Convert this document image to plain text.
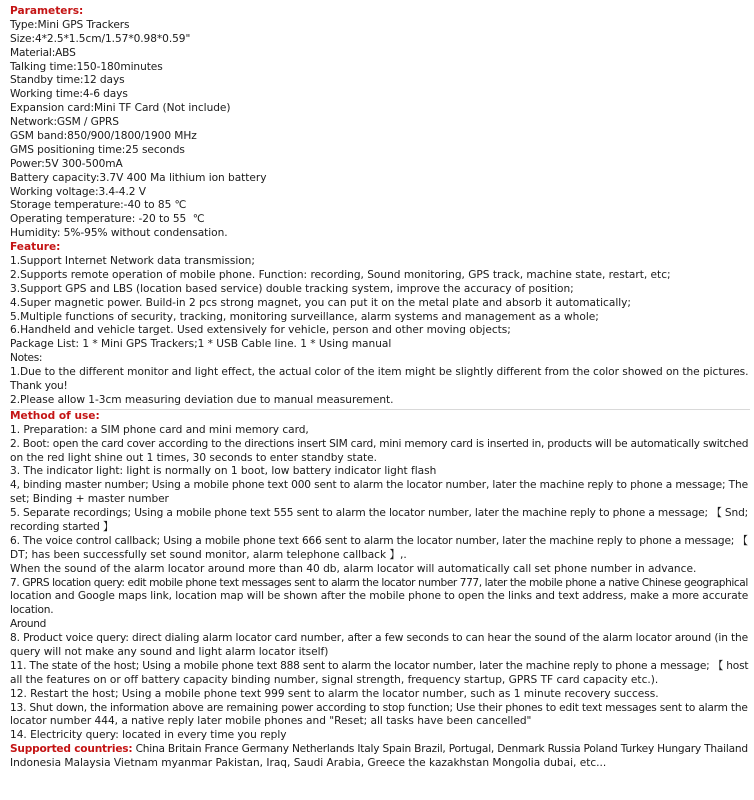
Parameters:
Type:Mini GPS Trackers
Size:4*2.5*1.5cm/1.57*0.98*0.59"
Material:ABS
Talking time:150-180minutes
Standby time:12 days
Working time:4-6 days
Expansion card:Mini TF Card (Not include)
Network:GSM / GPRS
GSM band:850/900/1800/1900 MHz
GMS positioning time:25 seconds
Power:5V 300-500mA
Battery capacity:3.7V 400 Ma lithium ion battery
Working voltage:3.4-4.2 V
Storage temperature:-40 to 85 ℃
Operating temperature: -20 to 55  ℃
Humidity: 5%-95% without condensation.
Feature:
1.Support Internet Network data transmission;
2.Supports remote operation of mobile phone. Function: recording, Sound monitoring, GPS track, machine state, restart, etc;
3.Support GPS and LBS (location based service) double tracking system, improve the accuracy of position;
4.Super magnetic power. Build-in 2 pcs strong magnet, you can put it on the metal plate and absorb it automatically;
5.Multiple functions of security, tracking, monitoring surveillance, alarm systems and management as a whole;
6.Handheld and vehicle target. Used extensively for vehicle, person and other moving objects;
Package List: 1 * Mini GPS Trackers;1 * USB Cable line. 1 * Using manual
Notes:
1.Due to the different monitor and light effect, the actual color of the item might be slightly different from the color showed on the pictures.
Thank you!
2.Please allow 1-3cm measuring deviation due to manual measurement.
Method of use:
1. Preparation: a SIM phone card and mini memory card,
2. Boot: open the card cover according to the directions insert SIM card, mini memory card is inserted in, products will be automatically switched
on the red light shine out 1 times, 30 seconds to enter standby state.
3. The indicator light: light is normally on 1 boot, low battery indicator light flash
4, binding master number; Using a mobile phone text 000 sent to alarm the locator number, later the machine reply to phone a message; The
set; Binding + master number
5. Separate recordings; Using a mobile phone text 555 sent to alarm the locator number, later the machine reply to phone a message; 【 Snd;
recording started 】
6. The voice control callback; Using a mobile phone text 666 sent to alarm the locator number, later the machine reply to phone a message; 【
DT; has been successfully set sound monitor, alarm telephone callback 】,.
When the sound of the alarm locator around more than 40 db, alarm locator will automatically call set phone number in advance.
7. GPRS location query: edit mobile phone text messages sent to alarm the locator number 777, later the mobile phone a native Chinese geographical
location and Google maps link, location map will be shown after the mobile phone to open the links and text address, make a more accurate
location.
Around
8. Product voice query: direct dialing alarm locator card number, after a few seconds to can hear the sound of the alarm locator around (in the
query will not make any sound and light alarm locator itself)
11. The state of the host; Using a mobile phone text 888 sent to alarm the locator number, later the machine reply to phone a message; 【 host
all the features on or off battery capacity binding number, signal strength, frequency startup, GPRS TF card capacity etc.).
12. Restart the host; Using a mobile phone text 999 sent to alarm the locator number, such as 1 minute recovery success.
13. Shut down, the information above are remaining power according to stop function; Use their phones to edit text messages sent to alarm the
locator number 444, a native reply later mobile phones and "Reset; all tasks have been cancelled"
14. Electricity query: located in every time you reply
Supported countries: China Britain France Germany Netherlands Italy Spain Brazil, Portugal, Denmark Russia Poland Turkey Hungary Thailand
Indonesia Malaysia Vietnam myanmar Pakistan, Iraq, Saudi Arabia, Greece the kazakhstan Mongolia dubai, etc...
